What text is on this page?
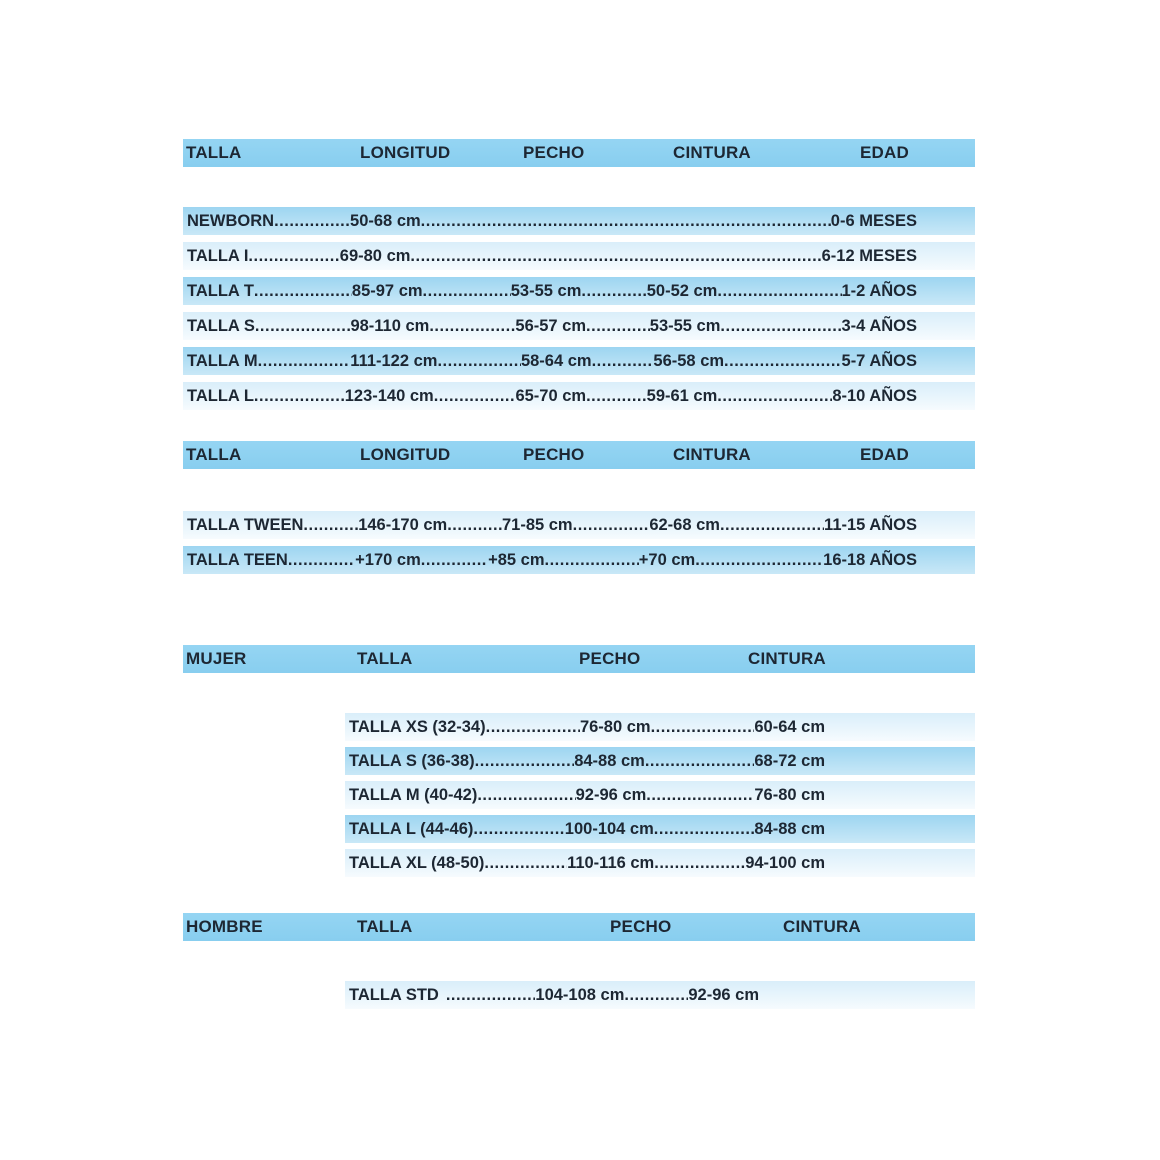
TALLA	LONGITUD	PECHO	CINTURA	EDAD
NEWBORN .....	50-68 cm .....	0-6 MESES
TALLA I .....	69-80 cm .....	6-12 MESES
TALLA T .....	85-97 cm .....	53-55 cm .....	50-52 cm .....	1-2 AÑOS
TALLA S .....	98-110 cm .....	56-57 cm .....	53-55 cm .....	3-4 AÑOS
TALLA M .....	111-122 cm .....	58-64 cm .....	56-58 cm .....	5-7 AÑOS
TALLA L .....	123-140 cm .....	65-70 cm .....	59-61 cm .....	8-10 AÑOS
TALLA	LONGITUD	PECHO	CINTURA	EDAD
TALLA TWEEN .....	146-170 cm .....	71-85 cm .....	62-68 cm .....	11-15 AÑOS
TALLA TEEN .....	+170 cm .....	+85 cm .....	+70 cm .....	16-18 AÑOS
MUJER	TALLA	PECHO	CINTURA
TALLA XS (32-34) .....	76-80 cm .....	60-64 cm
TALLA S (36-38) .....	84-88 cm .....	68-72 cm
TALLA M (40-42) .....	92-96 cm .....	76-80 cm
TALLA L (44-46) .....	100-104 cm .....	84-88 cm
TALLA XL (48-50) .....	110-116 cm .....	94-100 cm
HOMBRE	TALLA	PECHO	CINTURA
TALLA STD .....	104-108 cm .....	92-96 cm
